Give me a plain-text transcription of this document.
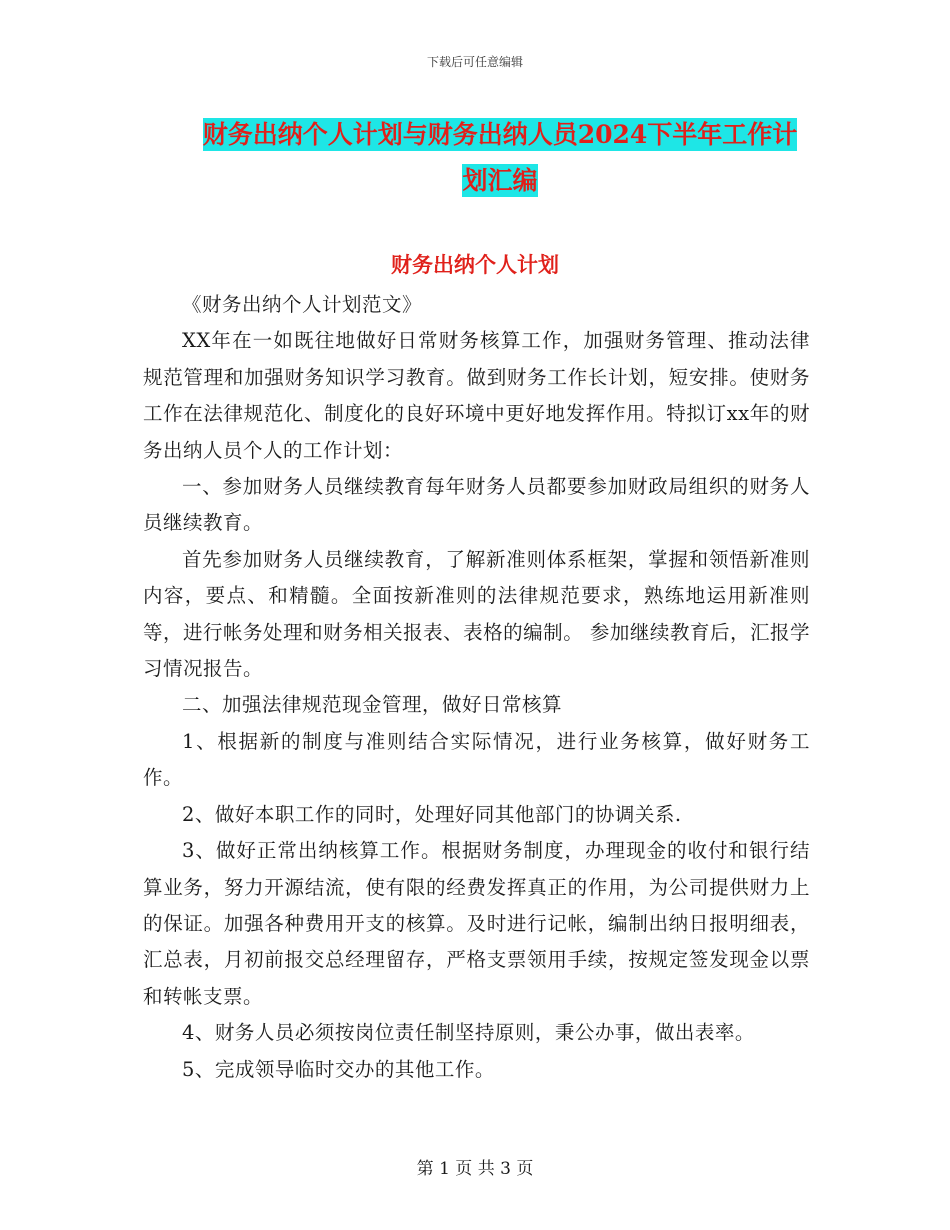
下载后可任意编辑
财务出纳个人计划与财务出纳人员2024下半年工作计
划汇编
财务出纳个人计划

《财务出纳个人计划范文》

XX年在一如既往地做好日常财务核算工作，加强财务管理、推动法律规范管理和加强财务知识学习教育。做到财务工作长计划，短安排。使财务工作在法律规范化、制度化的良好环境中更好地发挥作用。特拟订xx年的财务出纳人员个人的工作计划：

一、参加财务人员继续教育每年财务人员都要参加财政局组织的财务人员继续教育。

首先参加财务人员继续教育，了解新准则体系框架，掌握和领悟新准则内容，要点、和精髓。全面按新准则的法律规范要求，熟练地运用新准则等，进行帐务处理和财务相关报表、表格的编制。 参加继续教育后，汇报学习情况报告。

二、加强法律规范现金管理，做好日常核算

1、根据新的制度与准则结合实际情况，进行业务核算，做好财务工作。

2、做好本职工作的同时，处理好同其他部门的协调关系.

3、做好正常出纳核算工作。根据财务制度，办理现金的收付和银行结算业务，努力开源结流，使有限的经费发挥真正的作用，为公司提供财力上的保证。加强各种费用开支的核算。及时进行记帐，编制出纳日报明细表，汇总表，月初前报交总经理留存，严格支票领用手续，按规定签发现金以票和转帐支票。

4、财务人员必须按岗位责任制坚持原则，秉公办事，做出表率。

5、完成领导临时交办的其他工作。

第 1 页 共 3 页
